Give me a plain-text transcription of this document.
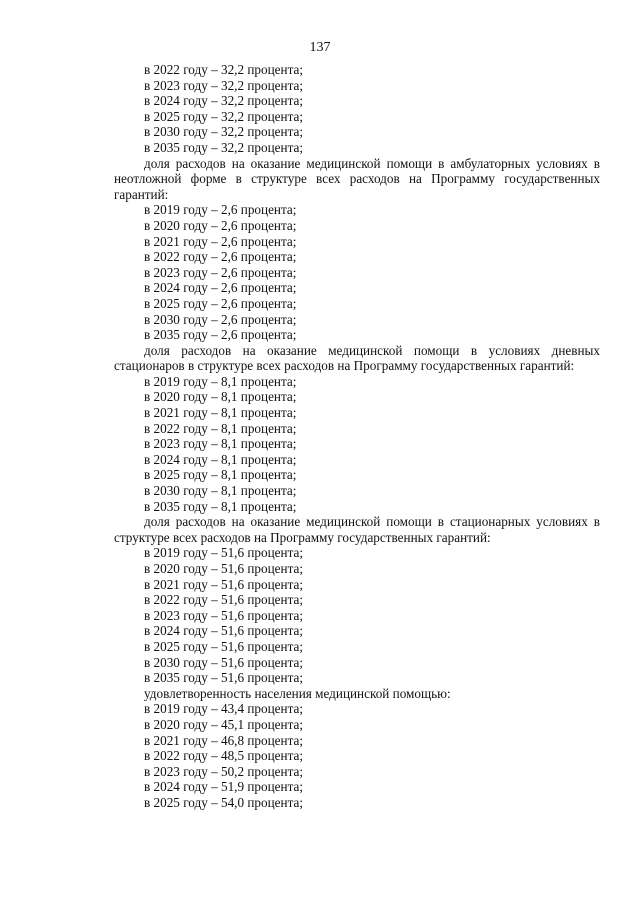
137
в 2022 году – 32,2 процента;
в 2023 году – 32,2 процента;
в 2024 году – 32,2 процента;
в 2025 году – 32,2 процента;
в 2030 году – 32,2 процента;
в 2035 году – 32,2 процента;

доля расходов на оказание медицинской помощи в амбулаторных условиях в неотложной форме в структуре всех расходов на Программу государственных гарантий:

в 2019 году – 2,6 процента;
в 2020 году – 2,6 процента;
в 2021 году – 2,6 процента;
в 2022 году – 2,6 процента;
в 2023 году – 2,6 процента;
в 2024 году – 2,6 процента;
в 2025 году – 2,6 процента;
в 2030 году – 2,6 процента;
в 2035 году – 2,6 процента;

доля расходов на оказание медицинской помощи в условиях дневных стационаров в структуре всех расходов на Программу государственных гарантий:

в 2019 году – 8,1 процента;
в 2020 году – 8,1 процента;
в 2021 году – 8,1 процента;
в 2022 году – 8,1 процента;
в 2023 году – 8,1 процента;
в 2024 году – 8,1 процента;
в 2025 году – 8,1 процента;
в 2030 году – 8,1 процента;
в 2035 году – 8,1 процента;

доля расходов на оказание медицинской помощи в стационарных условиях в структуре всех расходов на Программу государственных гарантий:

в 2019 году – 51,6 процента;
в 2020 году – 51,6 процента;
в 2021 году – 51,6 процента;
в 2022 году – 51,6 процента;
в 2023 году – 51,6 процента;
в 2024 году – 51,6 процента;
в 2025 году – 51,6 процента;
в 2030 году – 51,6 процента;
в 2035 году – 51,6 процента;

удовлетворенность населения медицинской помощью:

в 2019 году – 43,4 процента;
в 2020 году – 45,1 процента;
в 2021 году – 46,8 процента;
в 2022 году – 48,5 процента;
в 2023 году – 50,2 процента;
в 2024 году – 51,9 процента;
в 2025 году – 54,0 процента;
